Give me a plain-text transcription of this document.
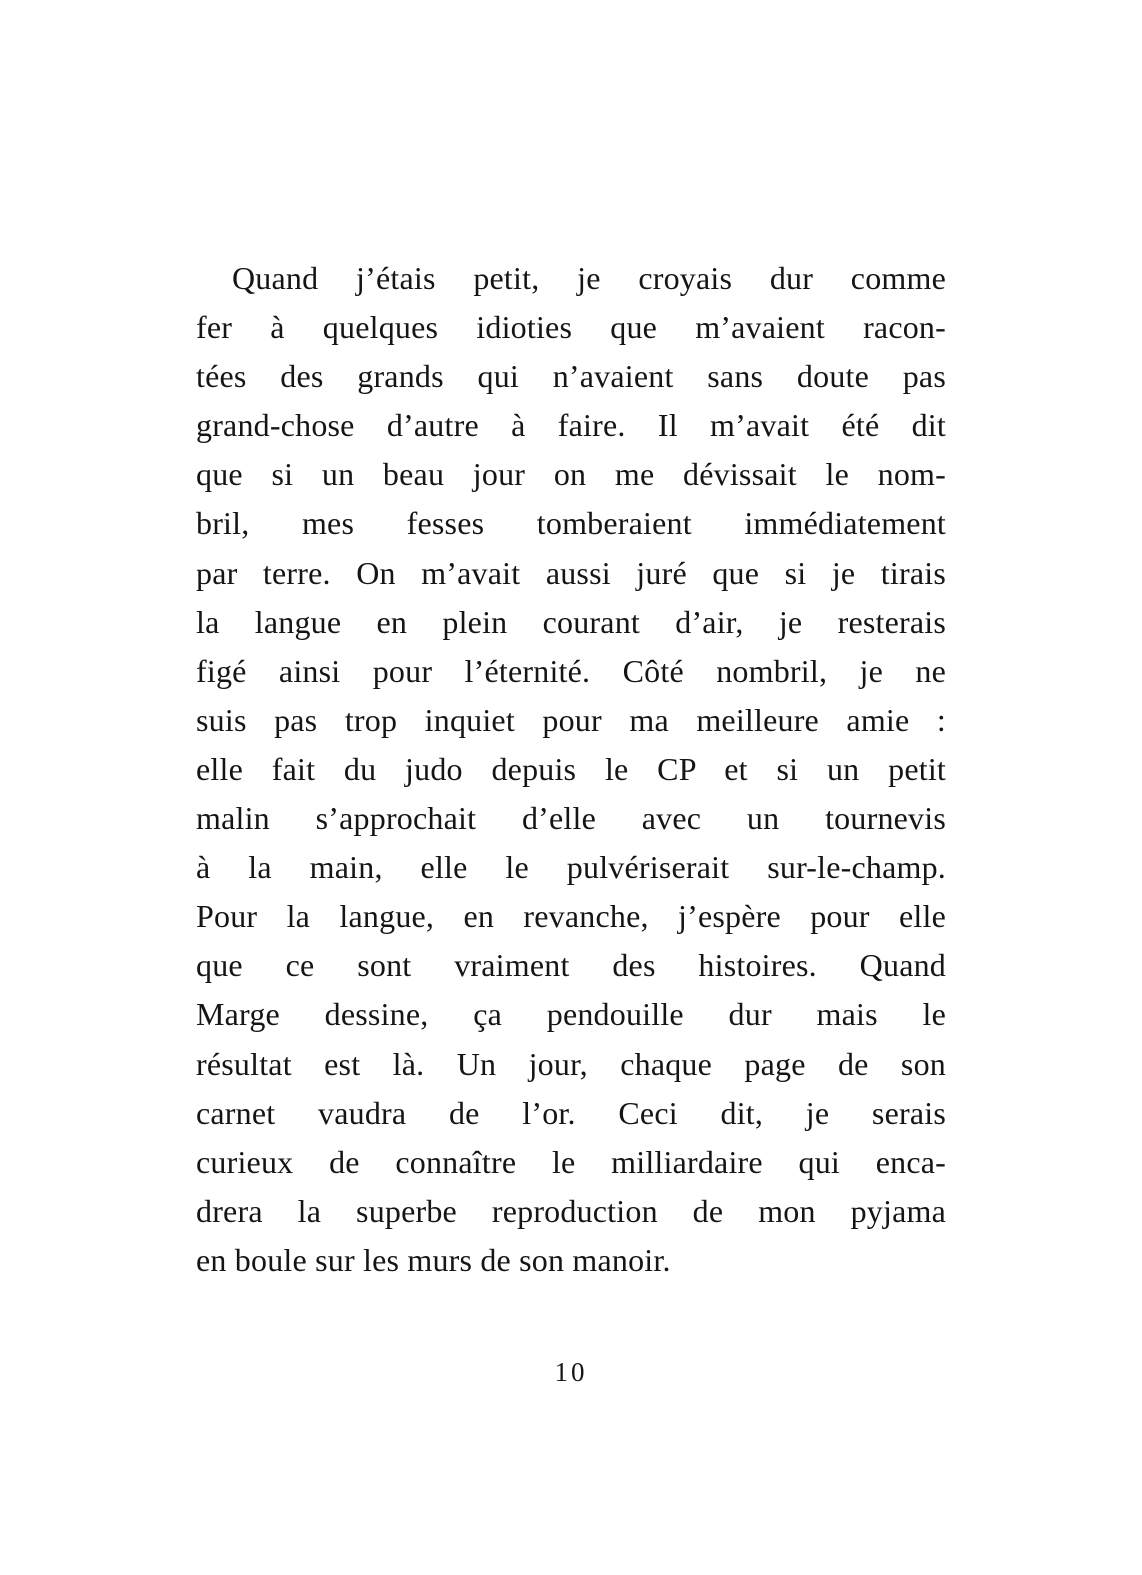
Quand j’étais petit, je croyais dur comme
fer à quelques idioties que m’avaient racon-
tées des grands qui n’avaient sans doute pas
grand-chose d’autre à faire. Il m’avait été dit
que si un beau jour on me dévissait le nom-
bril, mes fesses tomberaient immédiatement
par terre. On m’avait aussi juré que si je tirais
la langue en plein courant d’air, je resterais
figé ainsi pour l’éternité. Côté nombril, je ne
suis pas trop inquiet pour ma meilleure amie :
elle fait du judo depuis le CP et si un petit
malin s’approchait d’elle avec un tournevis
à la main, elle le pulvériserait sur-le-champ.
Pour la langue, en revanche, j’espère pour elle
que ce sont vraiment des histoires. Quand
Marge dessine, ça pendouille dur mais le
résultat est là. Un jour, chaque page de son
carnet vaudra de l’or. Ceci dit, je serais
curieux de connaître le milliardaire qui enca-
drera la superbe reproduction de mon pyjama
en boule sur les murs de son manoir.
10
